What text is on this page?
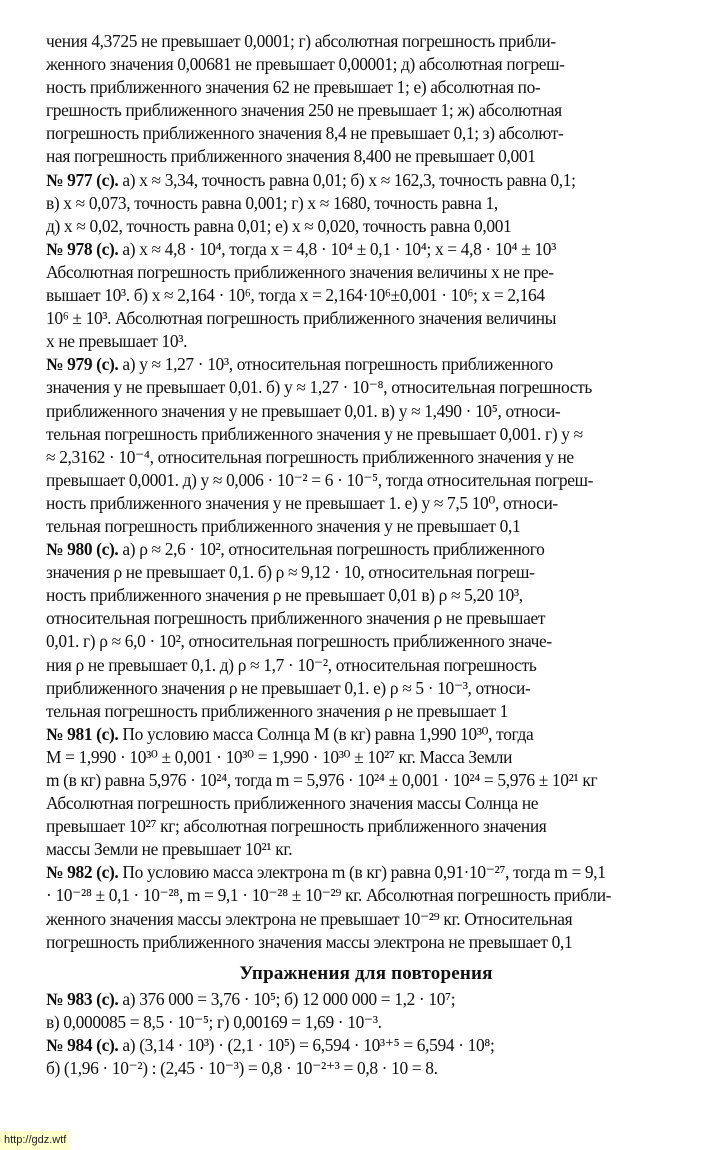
чения 4,3725 не превышает 0,0001; г) абсолютная погрешность прибли-
женного значения 0,00681 не превышает 0,00001; д) абсолютная погреш-
ность приближенного значения 62 не превышает 1; е) абсолютная по-
грешность приближенного значения 250 не превышает 1; ж) абсолютная
погрешность приближенного значения 8,4 не превышает 0,1; з) абсолют-
ная погрешность приближенного значения 8,400 не превышает 0,001
№ 977 (с). а) x ≈ 3,34, точность равна 0,01; б) x ≈ 162,3, точность равна 0,1;
в) x ≈ 0,073, точность равна 0,001; г) x ≈ 1680, точность равна 1,
д) x ≈ 0,02, точность равна 0,01; е) x ≈ 0,020, точность равна 0,001
№ 978 (с). а) x ≈ 4,8 · 10⁴, тогда x = 4,8 · 10⁴ ± 0,1 · 10⁴; x = 4,8 · 10⁴ ± 10³
Абсолютная погрешность приближенного значения величины x не пре-
вышает 10³. б) x ≈ 2,164 · 10⁶, тогда x = 2,164·10⁶±0,001 · 10⁶; x = 2,164
10⁶ ± 10³. Абсолютная погрешность приближенного значения величины
x не превышает 10³.
№ 979 (с). а) y ≈ 1,27 · 10³, относительная погрешность приближенного
значения y не превышает 0,01. б) y ≈ 1,27 · 10⁻⁸, относительная погрешность
приближенного значения y не превышает 0,01. в) y ≈ 1,490 · 10⁵, относи-
тельная погрешность приближенного значения y не превышает 0,001. г) y ≈
≈ 2,3162 · 10⁻⁴, относительная погрешность приближенного значения y не
превышает 0,0001. д) y ≈ 0,006 · 10⁻² = 6 · 10⁻⁵, тогда относительная погреш-
ность приближенного значения y не превышает 1. е) y ≈ 7,5 10⁰, относи-
тельная погрешность приближенного значения y не превышает 0,1
№ 980 (с). а) ρ ≈ 2,6 · 10², относительная погрешность приближенного
значения ρ не превышает 0,1. б) ρ ≈ 9,12 · 10, относительная погреш-
ность приближенного значения ρ не превышает 0,01 в) ρ ≈ 5,20 10³,
относительная погрешность приближенного значения ρ не превышает
0,01. г) ρ ≈ 6,0 · 10², относительная погрешность приближенного значе-
ния ρ не превышает 0,1. д) ρ ≈ 1,7 · 10⁻², относительная погрешность
приближенного значения ρ не превышает 0,1. е) ρ ≈ 5 · 10⁻³, относи-
тельная погрешность приближенного значения ρ не превышает 1
№ 981 (с). По условию масса Солнца M (в кг) равна 1,990 10³⁰, тогда
M = 1,990 · 10³⁰ ± 0,001 · 10³⁰ = 1,990 · 10³⁰ ± 10²⁷ кг. Масса Земли
m (в кг) равна 5,976 · 10²⁴, тогда m = 5,976 · 10²⁴ ± 0,001 · 10²⁴ = 5,976 ± 10²¹ кг
Абсолютная погрешность приближенного значения массы Солнца не
превышает 10²⁷ кг; абсолютная погрешность приближенного значения
массы Земли не превышает 10²¹ кг.
№ 982 (с). По условию масса электрона m (в кг) равна 0,91·10⁻²⁷, тогда m = 9,1
· 10⁻²⁸ ± 0,1 · 10⁻²⁸, m = 9,1 · 10⁻²⁸ ± 10⁻²⁹ кг. Абсолютная погрешность прибли-
женного значения массы электрона не превышает 10⁻²⁹ кг. Относительная
погрешность приближенного значения массы электрона не превышает 0,1
Упражнения для повторения
№ 983 (с). а) 376 000 = 3,76 · 10⁵; б) 12 000 000 = 1,2 · 10⁷;
в) 0,000085 = 8,5 · 10⁻⁵; г) 0,00169 = 1,69 · 10⁻³.
№ 984 (с). а) (3,14 · 10³) · (2,1 · 10⁵) = 6,594 · 10³⁺⁵ = 6,594 · 10⁸;
б) (1,96 · 10⁻²) : (2,45 · 10⁻³) = 0,8 · 10⁻²⁺³ = 0,8 · 10 = 8.
http://gdz.wtf
